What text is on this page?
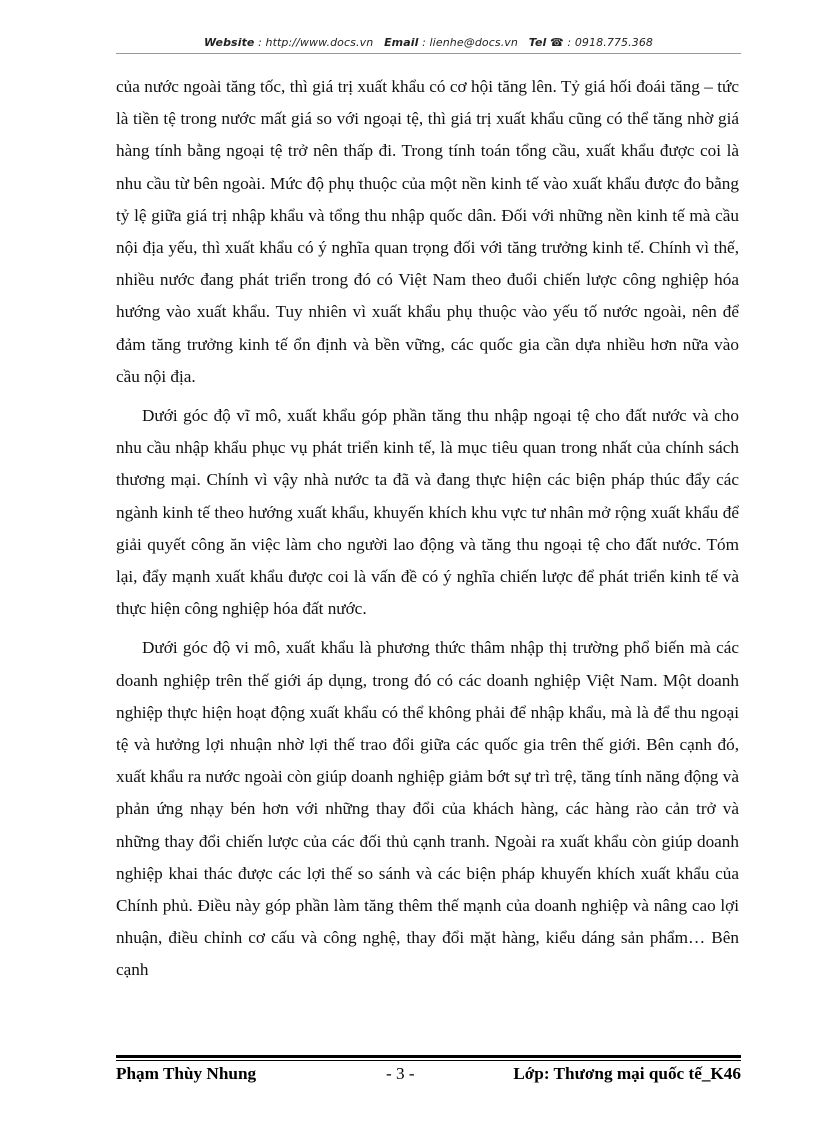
Website : http://www.docs.vn Email : lienhe@docs.vn Tel ☎ : 0918.775.368

của nước ngoài tăng tốc, thì giá trị xuất khẩu có cơ hội tăng lên. Tỷ giá hối đoái tăng – tức là tiền tệ trong nước mất giá so với ngoại tệ, thì giá trị xuất khẩu cũng có thể tăng nhờ giá hàng tính bằng ngoại tệ trở nên thấp đi. Trong tính toán tổng cầu, xuất khẩu được coi là nhu cầu từ bên ngoài. Mức độ phụ thuộc của một nền kinh tế vào xuất khẩu được đo bằng tỷ lệ giữa giá trị nhập khẩu và tổng thu nhập quốc dân. Đối với những nền kinh tế mà cầu nội địa yếu, thì xuất khẩu có ý nghĩa quan trọng đối với tăng trưởng kinh tế. Chính vì thế, nhiều nước đang phát triển trong đó có Việt Nam theo đuổi chiến lược công nghiệp hóa hướng vào xuất khẩu. Tuy nhiên vì xuất khẩu phụ thuộc vào yếu tố nước ngoài, nên để đảm tăng trưởng kinh tế ổn định và bền vững, các quốc gia cần dựa nhiều hơn nữa vào cầu nội địa.

Dưới góc độ vĩ mô, xuất khẩu góp phần tăng thu nhập ngoại tệ cho đất nước và cho nhu cầu nhập khẩu phục vụ phát triển kinh tế, là mục tiêu quan trong nhất của chính sách thương mại. Chính vì vậy nhà nước ta đã và đang thực hiện các biện pháp thúc đẩy các ngành kinh tế theo hướng xuất khẩu, khuyến khích khu vực tư nhân mở rộng xuất khẩu để giải quyết công ăn việc làm cho người lao động và tăng thu ngoại tệ cho đất nước. Tóm lại, đẩy mạnh xuất khẩu được coi là vấn đề có ý nghĩa chiến lược để phát triển kinh tế và thực hiện công nghiệp hóa đất nước.

Dưới góc độ vi mô, xuất khẩu là phương thức thâm nhập thị trường phổ biến mà các doanh nghiệp trên thế giới áp dụng, trong đó có các doanh nghiệp Việt Nam. Một doanh nghiệp thực hiện hoạt động xuất khẩu có thể không phải để nhập khẩu, mà là để thu ngoại tệ và hưởng lợi nhuận nhờ lợi thế trao đổi giữa các quốc gia trên thế giới. Bên cạnh đó, xuất khẩu ra nước ngoài còn giúp doanh nghiệp giảm bớt sự trì trệ, tăng tính năng động và phản ứng nhạy bén hơn với những thay đổi của khách hàng, các hàng rào cản trở và những thay đổi chiến lược của các đối thủ cạnh tranh. Ngoài ra xuất khẩu còn giúp doanh nghiệp khai thác được các lợi thế so sánh và các biện pháp khuyến khích xuất khẩu của Chính phủ. Điều này góp phần làm tăng thêm thế mạnh của doanh nghiệp và nâng cao lợi nhuận, điều chỉnh cơ cấu và công nghệ, thay đổi mặt hàng, kiểu dáng sản phẩm… Bên cạnh

Phạm Thùy Nhung	- 3 -	Lớp: Thương mại quốc tế_K46
